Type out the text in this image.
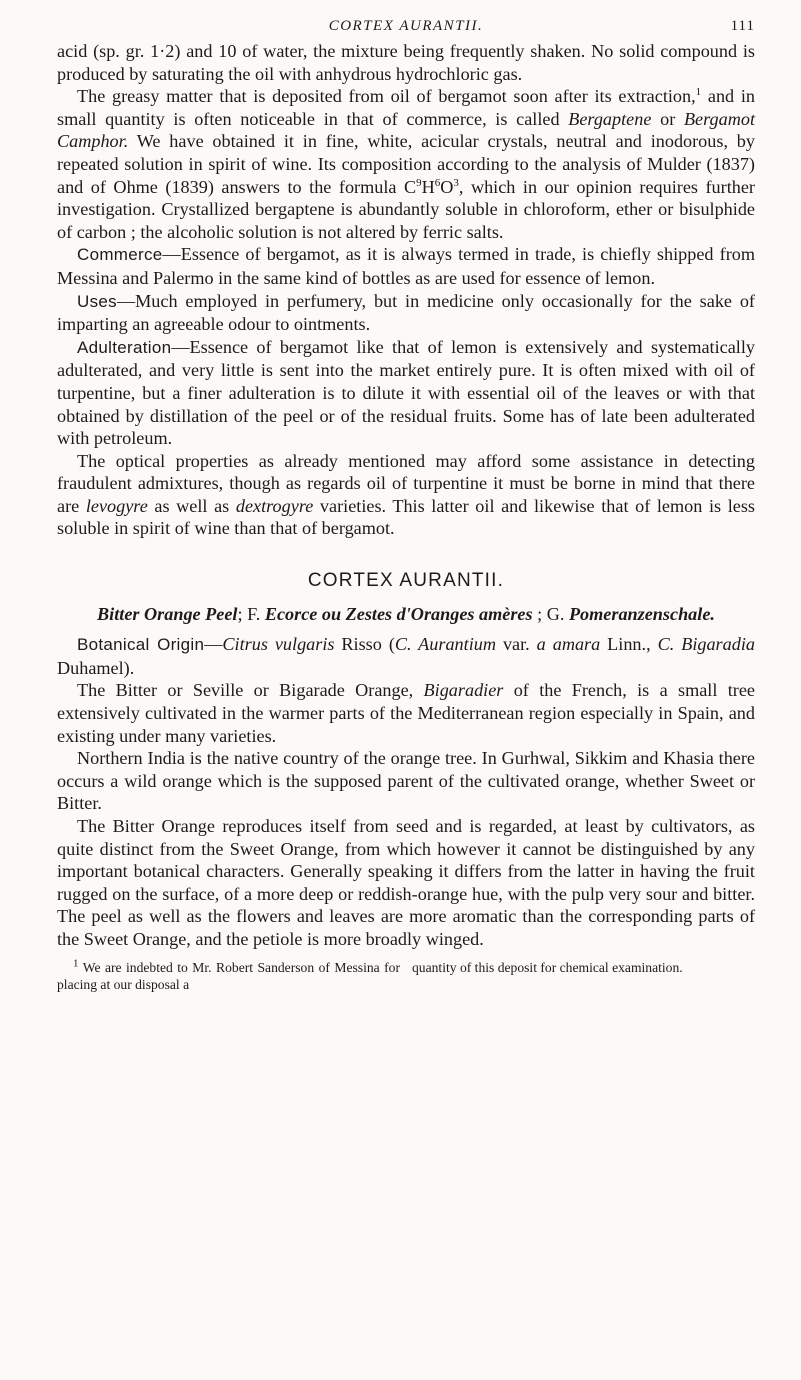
CORTEX AURANTII.	111

acid (sp. gr. 1·2) and 10 of water, the mixture being frequently shaken. No solid compound is produced by saturating the oil with anhydrous hydrochloric gas.

The greasy matter that is deposited from oil of bergamot soon after its extraction,$^1$ and in small quantity is often noticeable in that of commerce, is called Bergaptene or Bergamot Camphor. We have obtained it in fine, white, acicular crystals, neutral and inodorous, by repeated solution in spirit of wine. Its composition according to the analysis of Mulder (1837) and of Ohme (1839) answers to the formula $C^9H^6O^3$, which in our opinion requires further investigation. Crystallized bergaptene is abundantly soluble in chloroform, ether or bisulphide of carbon ; the alcoholic solution is not altered by ferric salts.

Commerce—Essence of bergamot, as it is always termed in trade, is chiefly shipped from Messina and Palermo in the same kind of bottles as are used for essence of lemon.

Uses—Much employed in perfumery, but in medicine only occasionally for the sake of imparting an agreeable odour to ointments.

Adulteration—Essence of bergamot like that of lemon is extensively and systematically adulterated, and very little is sent into the market entirely pure. It is often mixed with oil of turpentine, but a finer adulteration is to dilute it with essential oil of the leaves or with that obtained by distillation of the peel or of the residual fruits. Some has of late been adulterated with petroleum.

The optical properties as already mentioned may afford some assistance in detecting fraudulent admixtures, though as regards oil of turpentine it must be borne in mind that there are levogyre as well as dextrogyre varieties. This latter oil and likewise that of lemon is less soluble in spirit of wine than that of bergamot.

CORTEX AURANTII.
Bitter Orange Peel; F. Ecorce ou Zestes d'Oranges amères ; G. Pomeranzenschale.

Botanical Origin—Citrus vulgaris Risso (C. Aurantium var. a amara Linn., C. Bigaradia Duhamel).

The Bitter or Seville or Bigarade Orange, Bigaradier of the French, is a small tree extensively cultivated in the warmer parts of the Mediterranean region especially in Spain, and existing under many varieties.

Northern India is the native country of the orange tree. In Gurhwal, Sikkim and Khasia there occurs a wild orange which is the supposed parent of the cultivated orange, whether Sweet or Bitter.

The Bitter Orange reproduces itself from seed and is regarded, at least by cultivators, as quite distinct from the Sweet Orange, from which however it cannot be distinguished by any important botanical characters. Generally speaking it differs from the latter in having the fruit rugged on the surface, of a more deep or reddish-orange hue, with the pulp very sour and bitter. The peel as well as the flowers and leaves are more aromatic than the corresponding parts of the Sweet Orange, and the petiole is more broadly winged.

$^1$ We are indebted to Mr. Robert Sanderson of Messina for placing at our disposal a
quantity of this deposit for chemical examination.
